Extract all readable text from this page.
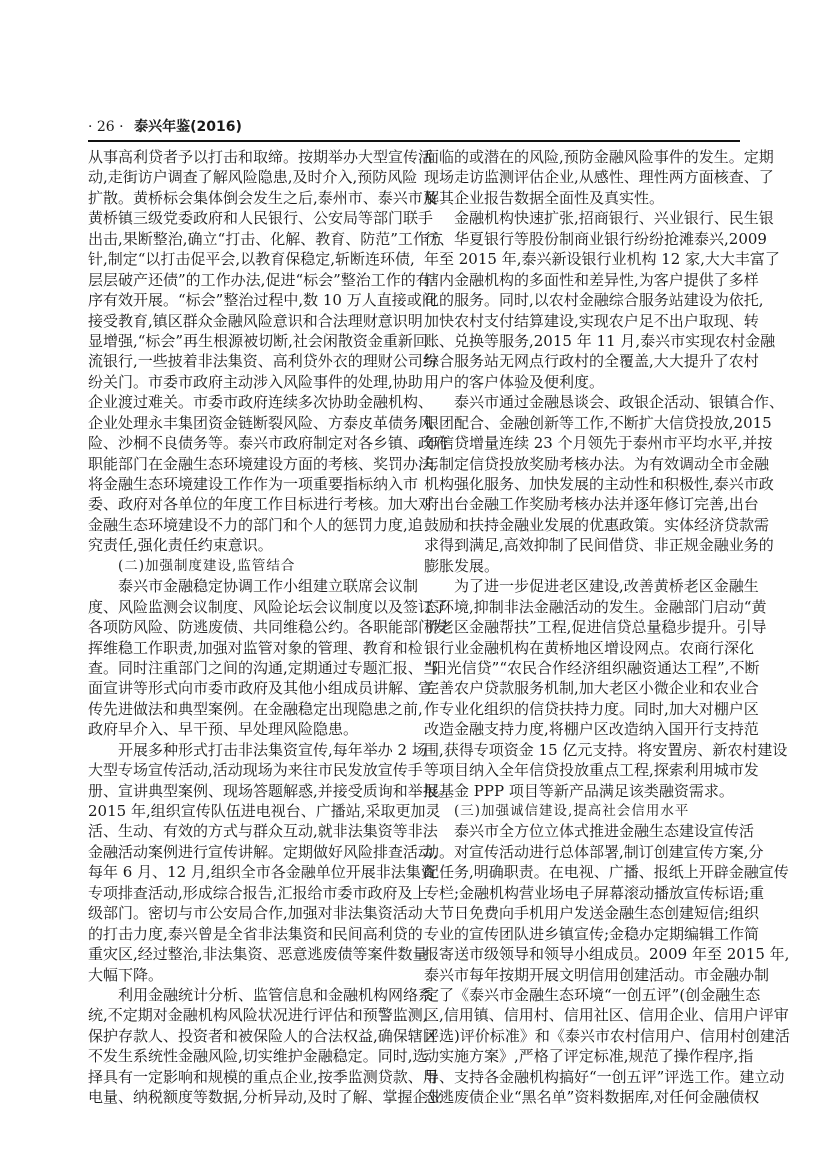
· 26 · 泰兴年鉴(2016)
从事高利贷者予以打击和取缔。按期举办大型宣传活
动,走街访户调查了解风险隐患,及时介入,预防风险
扩散。黄桥标会集体倒会发生之后,泰州市、泰兴市及
黄桥镇三级党委政府和人民银行、公安局等部门联手
出击,果断整治,确立“打击、化解、教育、防范”工作方
针,制定“以打击促平会,以教育保稳定,斩断连环债,
层层破产还债”的工作办法,促进“标会”整治工作的有
序有效开展。“标会”整治过程中,数 10 万人直接或间
接受教育,镇区群众金融风险意识和合法理财意识明
显增强,“标会”再生根源被切断,社会闲散资金重新回
流银行,一些披着非法集资、高利贷外衣的理财公司纷
纷关门。市委市政府主动涉入风险事件的处理,协助
企业渡过难关。市委市政府连续多次协助金融机构、
企业处理永丰集团资金链断裂风险、方泰皮革债务风
险、沙桐不良债务等。泰兴市政府制定对各乡镇、政府
职能部门在金融生态环境建设方面的考核、奖罚办法,
将金融生态环境建设工作作为一项重要指标纳入市
委、政府对各单位的年度工作目标进行考核。加大对
金融生态环境建设不力的部门和个人的惩罚力度,追
究责任,强化责任约束意识。
(二)加强制度建设,监管结合
泰兴市金融稳定协调工作小组建立联席会议制
度、风险监测会议制度、风险论坛会议制度以及签订了
各项防风险、防逃废债、共同维稳公约。各职能部门发
挥维稳工作职责,加强对监管对象的管理、教育和检
查。同时注重部门之间的沟通,定期通过专题汇报、当
面宣讲等形式向市委市政府及其他小组成员讲解、宣
传先进做法和典型案例。在金融稳定出现隐患之前,
政府早介入、早干预、早处理风险隐患。
开展多种形式打击非法集资宣传,每年举办 2 场
大型专场宣传活动,活动现场为来往市民发放宣传手
册、宣讲典型案例、现场答题解惑,并接受质询和举报。
2015 年,组织宣传队伍进电视台、广播站,采取更加灵
活、生动、有效的方式与群众互动,就非法集资等非法
金融活动案例进行宣传讲解。定期做好风险排查活动,
每年 6 月、12 月,组织全市各金融单位开展非法集资
专项排查活动,形成综合报告,汇报给市委市政府及上
级部门。密切与市公安局合作,加强对非法集资活动
的打击力度,泰兴曾是全省非法集资和民间高利贷的
重灾区,经过整治,非法集资、恶意逃废债等案件数量
大幅下降。
利用金融统计分析、监管信息和金融机构网络系
统,不定期对金融机构风险状况进行评估和预警监测,
保护存款人、投资者和被保险人的合法权益,确保辖区
不发生系统性金融风险,切实维护金融稳定。同时,选
择具有一定影响和规模的重点企业,按季监测贷款、用
电量、纳税额度等数据,分析异动,及时了解、掌握企业
面临的或潜在的风险,预防金融风险事件的发生。定期
现场走访监测评估企业,从感性、理性两方面核查、了
解其企业报告数据全面性及真实性。
金融机构快速扩张,招商银行、兴业银行、民生银
行、华夏银行等股份制商业银行纷纷抢滩泰兴,2009
年至 2015 年,泰兴新设银行业机构 12 家,大大丰富了
辖内金融机构的多面性和差异性,为客户提供了多样
化的服务。同时,以农村金融综合服务站建设为依托,
加快农村支付结算建设,实现农户足不出户取现、转
账、兑换等服务,2015 年 11 月,泰兴市实现农村金融
综合服务站无网点行政村的全覆盖,大大提升了农村
用户的客户体验及便利度。
泰兴市通过金融恳谈会、政银企活动、银镇合作、
银团配合、金融创新等工作,不断扩大信贷投放,2015
年信贷增量连续 23 个月领先于泰州市平均水平,并按
年制定信贷投放奖励考核办法。为有效调动全市金融
机构强化服务、加快发展的主动性和积极性,泰兴市政
府出台金融工作奖励考核办法并逐年修订完善,出台
鼓励和扶持金融业发展的优惠政策。实体经济贷款需
求得到满足,高效抑制了民间借贷、非正规金融业务的
膨胀发展。
为了进一步促进老区建设,改善黄桥老区金融生
态环境,抑制非法金融活动的发生。金融部门启动“黄
桥老区金融帮扶”工程,促进信贷总量稳步提升。引导
银行业金融机构在黄桥地区增设网点。农商行深化
“阳光信贷”“农民合作经济组织融资通达工程”,不断
完善农户贷款服务机制,加大老区小微企业和农业合
作专业化组织的信贷扶持力度。同时,加大对棚户区
改造金融支持力度,将棚户区改造纳入国开行支持范
围,获得专项资金 15 亿元支持。将安置房、新农村建设
等项目纳入全年信贷投放重点工程,探索利用城市发
展基金 PPP 项目等新产品满足该类融资需求。
(三)加强诚信建设,提高社会信用水平
泰兴市全方位立体式推进金融生态建设宣传活
动。对宣传活动进行总体部署,制订创建宣传方案,分
配任务,明确职责。在电视、广播、报纸上开辟金融宣传
专栏;金融机构营业场电子屏幕滚动播放宣传标语;重
大节日免费向手机用户发送金融生态创建短信;组织
专业的宣传团队进乡镇宣传;金稳办定期编辑工作简
报寄送市级领导和领导小组成员。2009 年至 2015 年,
泰兴市每年按期开展文明信用创建活动。市金融办制
定了《泰兴市金融生态环境“一创五评”(创金融生态
区,信用镇、信用村、信用社区、信用企业、信用户评审
评选)评价标准》和《泰兴市农村信用户、信用村创建活
动实施方案》,严格了评定标准,规范了操作程序,指
导、支持各金融机构搞好“一创五评”评选工作。建立动
态逃废债企业“黑名单”资料数据库,对任何金融债权
